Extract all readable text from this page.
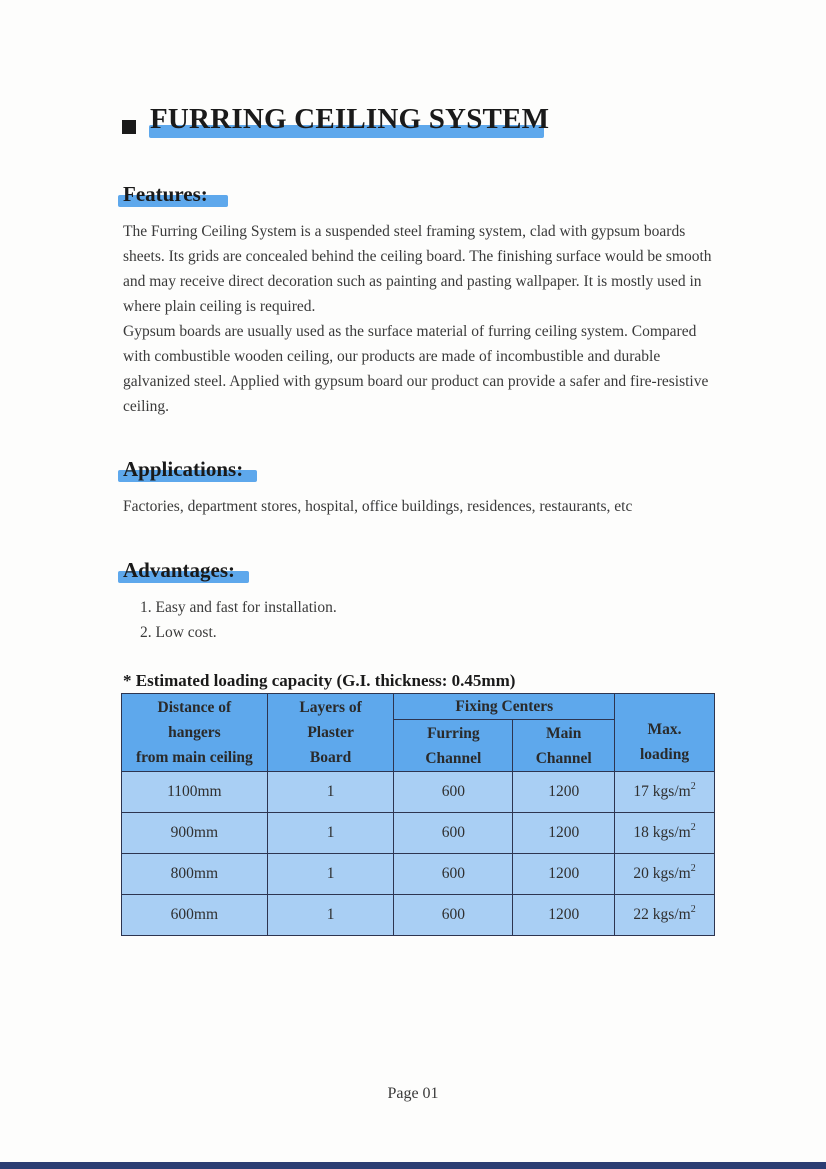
FURRING CEILING SYSTEM
Features:

The Furring Ceiling System is a suspended steel framing system, clad with gypsum boards sheets. Its grids are concealed behind the ceiling board. The finishing surface would be smooth and may receive direct decoration such as painting and pasting wallpaper. It is mostly used in where plain ceiling is required.

Gypsum boards are usually used as the surface material of furring ceiling system. Compared with combustible wooden ceiling, our products are made of incombustible and durable galvanized steel. Applied with gypsum board our product can provide a safer and fire-resistive ceiling.

Applications:

Factories, department stores, hospital, office buildings, residences, restaurants, etc

Advantages:
1. Easy and fast for installation.
2. Low cost.

* Estimated loading capacity (G.I. thickness: 0.45mm)

Distance of
hangers
from main ceiling	Layers of
Plaster
Board	Fixing Centers		Max.
loading
		Furring
Channel	Main
Channel	
1100mm	1	600	1200	17 kgs/$m^2$
900mm	1	600	1200	18 kgs/$m^2$
800mm	1	600	1200	20 kgs/$m^2$
600mm	1	600	1200	22 kgs/$m^2$
Page 01
